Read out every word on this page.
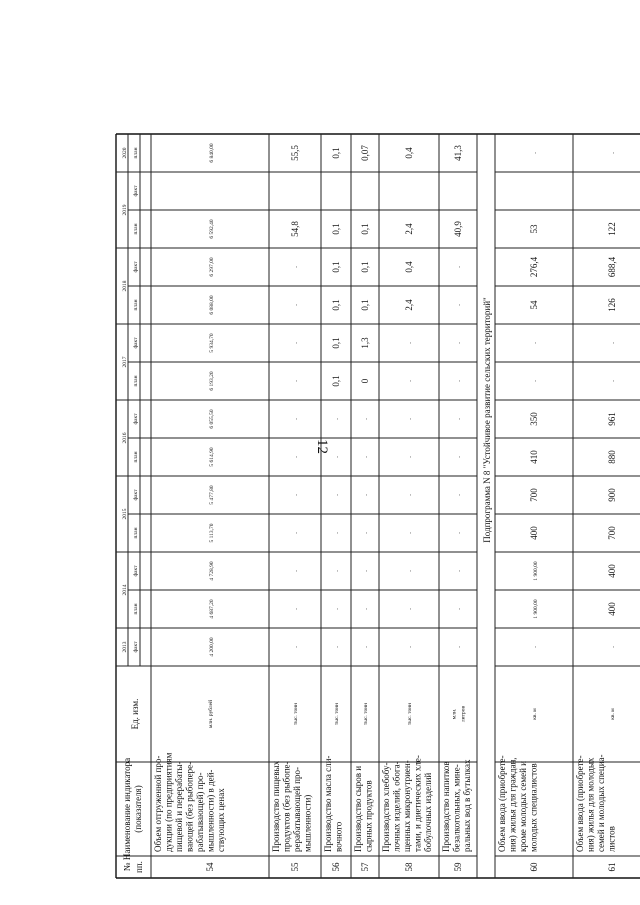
№ пп.
Наименование индикатора (показателя)
Ед. изм.
2013
2014
2015
2016
2017
2018
2019
2020
факт
план
факт
план
факт
план
факт
план
факт
план
факт
план
факт
план
54
Объем отгруженной про- дукции (по предприятиям пищевой и перерабаты- вающей (без рыбопере- рабатывающей) про- мышленности) в дей- ствующих ценах
млн. рублей
4 200,00
4 687,20
4 728,90
5 113,70
5 477,80
5 614,90
6 055,50
6 193,20
5 934,70
6 088,00
6 297,00
6 592,40
6 840,00
55
Производство пищевых продуктов (без рыбопе- рерабатывающей про- мышленности)
тыс. тонн
-
-
-
-
-
-
-
-
-
-
-
54,8
55,5
56
Производство масла сли- вочного
тыс. тонн
-
-
-
-
-
-
-
0,1
0,1
0,1
0,1
0,1
0,1
57
Производство сыров и сырных продуктов
тыс. тонн
-
-
-
-
-
-
-
0
1,3
0,1
0,1
0,1
0,07
58
Производство хлебобу- лочных изделий, обога- щенных микронутриен- тами, и диетических хле- бобулочных изделий
тыс. тонн
-
-
-
-
-
-
-
-
-
2,4
0,4
2,4
0,4
59
Производство напитков безалкогольных, мине- ральных вод в бутылках
млн. литров
-
-
-
-
-
-
-
-
-
-
-
40,9
41,3
60
Объем ввода (приобрете- ния) жилья для граждан, кроме молодых семей и молодых специалистов
кв. м
-
1 900,00
1 900,00
400
700
410
350
-
-
54
276,4
53
-
61
Объем ввода (приобрете- ния) жилья для молодых семей и молодых специа- листов
кв. м
-
400
400
700
900
880
961
-
-
126
688,4
122
-
Подпрограмма N 8 "Устойчивое развитие сельских территорий"
12
